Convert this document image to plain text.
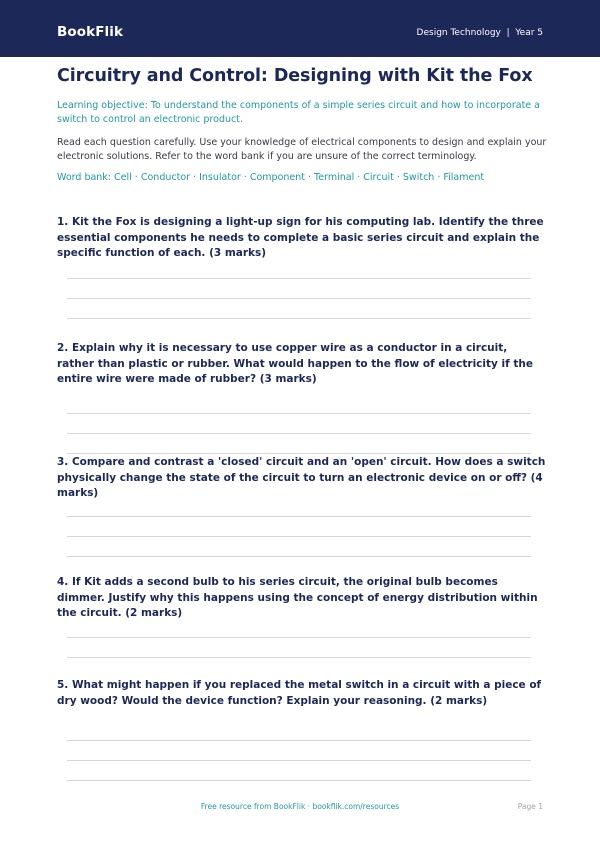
BookFlik	Design Technology  |  Year 5
Circuitry and Control: Designing with Kit the Fox
Learning objective: To understand the components of a simple series circuit and how to incorporate a switch to control an electronic product.
Read each question carefully. Use your knowledge of electrical components to design and explain your electronic solutions. Refer to the word bank if you are unsure of the correct terminology.
Word bank: Cell · Conductor · Insulator · Component · Terminal · Circuit · Switch · Filament
1. Kit the Fox is designing a light-up sign for his computing lab. Identify the three essential components he needs to complete a basic series circuit and explain the specific function of each. (3 marks)
2. Explain why it is necessary to use copper wire as a conductor in a circuit, rather than plastic or rubber. What would happen to the flow of electricity if the entire wire were made of rubber? (3 marks)
3. Compare and contrast a 'closed' circuit and an 'open' circuit. How does a switch physically change the state of the circuit to turn an electronic device on or off? (4 marks)
4. If Kit adds a second bulb to his series circuit, the original bulb becomes dimmer. Justify why this happens using the concept of energy distribution within the circuit. (2 marks)
5. What might happen if you replaced the metal switch in a circuit with a piece of dry wood? Would the device function? Explain your reasoning. (2 marks)
Free resource from BookFlik · bookflik.com/resources	Page 1
